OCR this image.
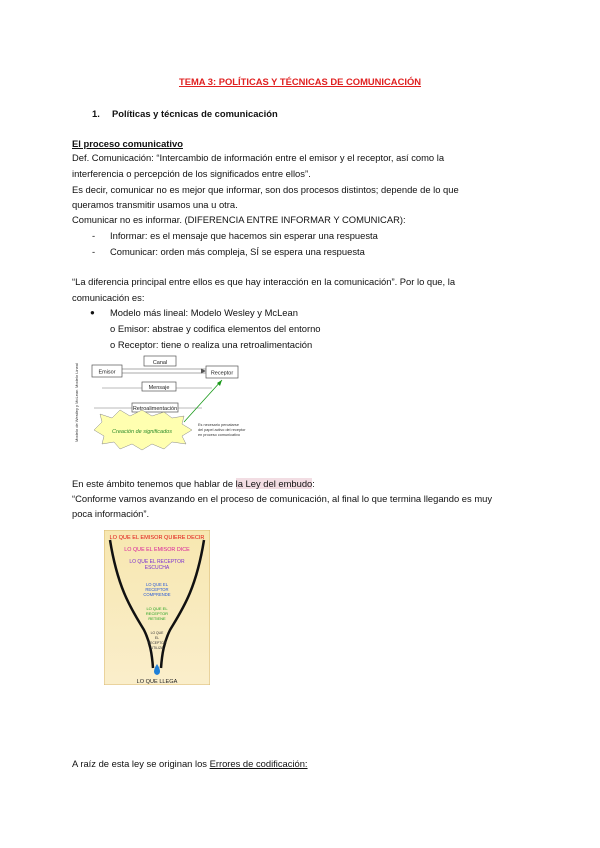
TEMA 3: POLÍTICAS Y TÉCNICAS DE COMUNICACIÓN
1. Políticas y técnicas de comunicación
El proceso comunicativo
Def. Comunicación: “Intercambio de información entre el emisor y el receptor, así como la
interferencia o percepción de los significados entre ellos”.
Es decir, comunicar no es mejor que informar, son dos procesos distintos; depende de lo que
queramos transmitir usamos una u otra.
Comunicar no es informar. (DIFERENCIA ENTRE INFORMAR Y COMUNICAR):
- Informar: es el mensaje que hacemos sin esperar una respuesta
- Comunicar: orden más compleja, SÍ se espera una respuesta
“La diferencia principal entre ellos es que hay interacción en la comunicación”. Por lo que, la
comunicación es:
● Modelo más lineal: Modelo Wesley y McLean
o Emisor: abstrae y codifica elementos del entorno
o Receptor: tiene o realiza una retroalimentación
Modelo de Westley y McLean
Modelo Lineal
Canal
Emisor	Receptor
Mensaje
Retroalimentación
Creación de significados
Es necesario percatarse
del papel activo del receptor
en proceso comunicativo
En este ámbito tenemos que hablar de la Ley del embudo:
“Conforme vamos avanzando en el proceso de comunicación, al final lo que termina llegando es muy
poca información”.
LO QUE EL EMISOR QUIERE DECIR
LO QUE EL EMISOR DICE
LO QUE EL RECEPTOR
ESCUCHA
LO QUE EL
RECEPTOR
COMPRENDE
LO QUE EL
RECEPTOR
RETIENE
LO QUE
EL
RECEPTOR
UTILIZA
LO QUE LLEGA
A raíz de esta ley se originan los Errores de codificación:
